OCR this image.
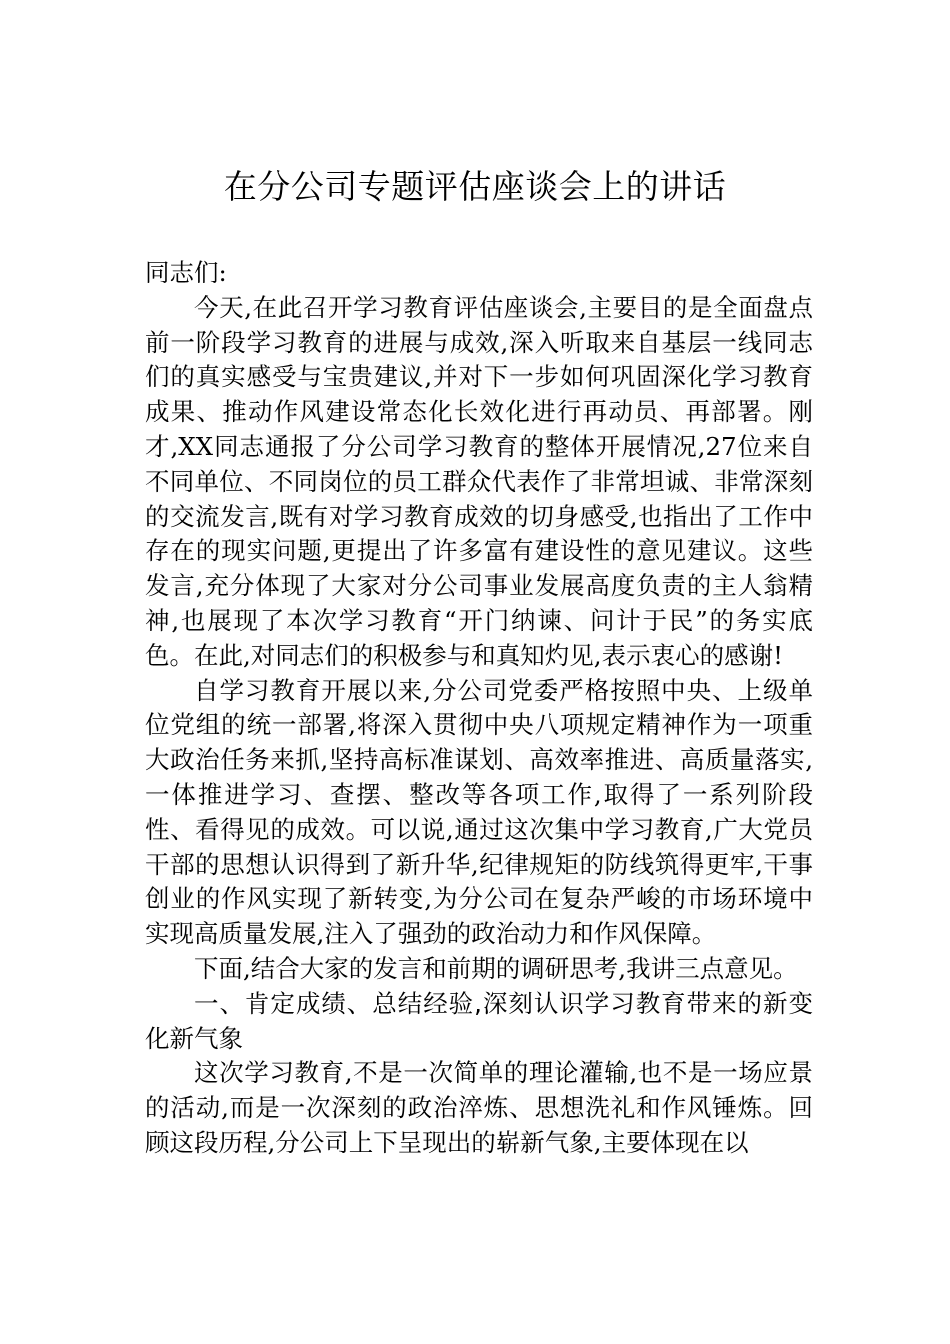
在分公司专题评估座谈会上的讲话

同志们:

今天,在此召开学习教育评估座谈会,主要目的是全面盘点前一阶段学习教育的进展与成效,深入听取来自基层一线同志们的真实感受与宝贵建议,并对下一步如何巩固深化学习教育成果、推动作风建设常态化长效化进行再动员、再部署。刚才,XX同志通报了分公司学习教育的整体开展情况,27位来自不同单位、不同岗位的员工群众代表作了非常坦诚、非常深刻的交流发言,既有对学习教育成效的切身感受,也指出了工作中存在的现实问题,更提出了许多富有建设性的意见建议。这些发言,充分体现了大家对分公司事业发展高度负责的主人翁精神,也展现了本次学习教育“开门纳谏、问计于民”的务实底色。在此,对同志们的积极参与和真知灼见,表示衷心的感谢!

自学习教育开展以来,分公司党委严格按照中央、上级单位党组的统一部署,将深入贯彻中央八项规定精神作为一项重大政治任务来抓,坚持高标准谋划、高效率推进、高质量落实,一体推进学习、查摆、整改等各项工作,取得了一系列阶段性、看得见的成效。可以说,通过这次集中学习教育,广大党员干部的思想认识得到了新升华,纪律规矩的防线筑得更牢,干事创业的作风实现了新转变,为分公司在复杂严峻的市场环境中实现高质量发展,注入了强劲的政治动力和作风保障。

下面,结合大家的发言和前期的调研思考,我讲三点意见。

一、肯定成绩、总结经验,深刻认识学习教育带来的新变化新气象

这次学习教育,不是一次简单的理论灌输,也不是一场应景的活动,而是一次深刻的政治淬炼、思想洗礼和作风锤炼。回顾这段历程,分公司上下呈现出的崭新气象,主要体现在以
